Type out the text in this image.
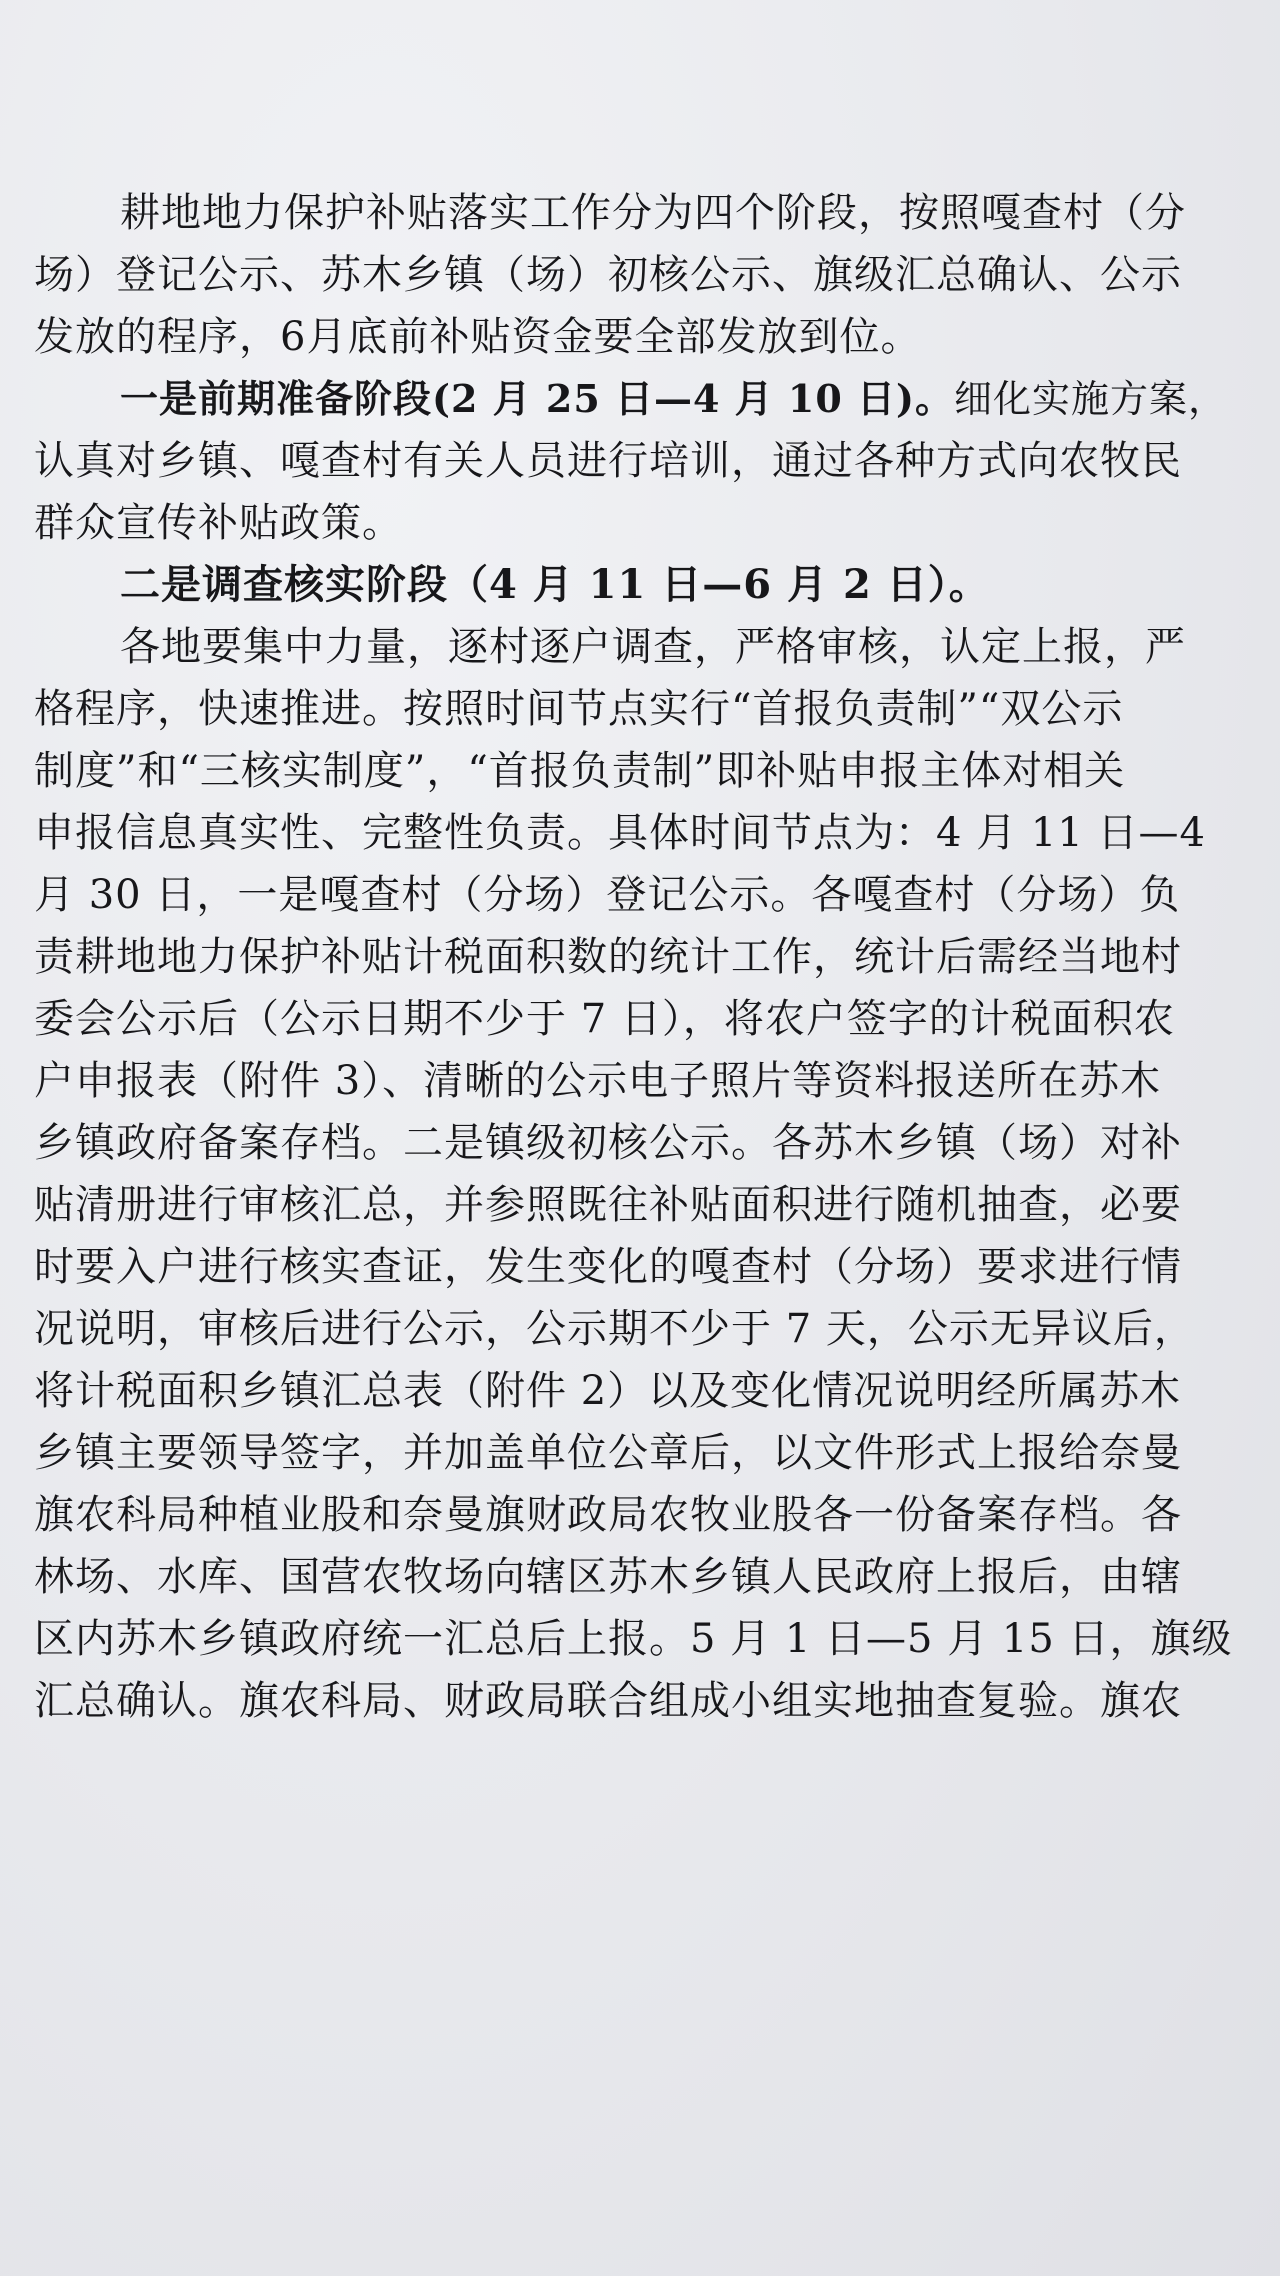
耕地地力保护补贴落实工作分为四个阶段，按照嘎查村（分
场）登记公示、苏木乡镇（场）初核公示、旗级汇总确认、公示
发放的程序，6月底前补贴资金要全部发放到位。
一是前期准备阶段(2 月 25 日—4 月 10 日)。细化实施方案，
认真对乡镇、嘎查村有关人员进行培训，通过各种方式向农牧民
群众宣传补贴政策。
二是调查核实阶段（4 月 11 日—6 月 2 日）。
各地要集中力量，逐村逐户调查，严格审核，认定上报，严
格程序，快速推进。按照时间节点实行“首报负责制”“双公示
制度”和“三核实制度”，“首报负责制”即补贴申报主体对相关
申报信息真实性、完整性负责。具体时间节点为：4 月 11 日—4
月 30 日，一是嘎查村（分场）登记公示。各嘎查村（分场）负
责耕地地力保护补贴计税面积数的统计工作，统计后需经当地村
委会公示后（公示日期不少于 7 日），将农户签字的计税面积农
户申报表（附件 3）、清晰的公示电子照片等资料报送所在苏木
乡镇政府备案存档。二是镇级初核公示。各苏木乡镇（场）对补
贴清册进行审核汇总，并参照既往补贴面积进行随机抽查，必要
时要入户进行核实查证，发生变化的嘎查村（分场）要求进行情
况说明，审核后进行公示，公示期不少于 7 天，公示无异议后，
将计税面积乡镇汇总表（附件 2）以及变化情况说明经所属苏木
乡镇主要领导签字，并加盖单位公章后，以文件形式上报给奈曼
旗农科局种植业股和奈曼旗财政局农牧业股各一份备案存档。各
林场、水库、国营农牧场向辖区苏木乡镇人民政府上报后，由辖
区内苏木乡镇政府统一汇总后上报。5 月 1 日—5 月 15 日，旗级
汇总确认。旗农科局、财政局联合组成小组实地抽查复验。旗农
